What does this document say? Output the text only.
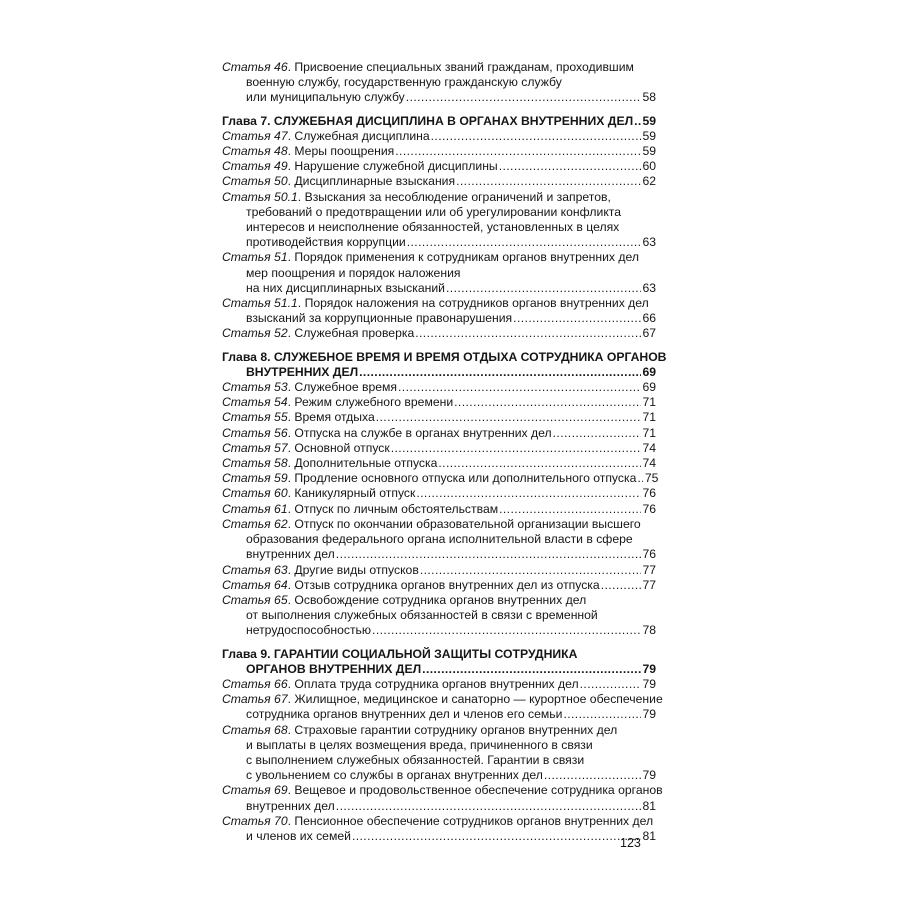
Статья 46. Присвоение специальных званий гражданам, проходившим
военную службу, государственную гражданскую службу
или муниципальную службу .....	58
Глава 7. СЛУЖЕБНАЯ ДИСЦИПЛИНА В ОРГАНАХ ВНУТРЕННИХ ДЕЛ ..... 59
Статья 47. Служебная дисциплина .....	59
Статья 48. Меры поощрения .....	59
Статья 49. Нарушение служебной дисциплины .....	60
Статья 50. Дисциплинарные взыскания .....	62
Статья 50.1. Взыскания за несоблюдение ограничений и запретов,
требований о предотвращении или об урегулировании конфликта
интересов и неисполнение обязанностей, установленных в целях
противодействия коррупции .....	63
Статья 51. Порядок применения к сотрудникам органов внутренних дел
мер поощрения и порядок наложения
на них дисциплинарных взысканий .....	63
Статья 51.1. Порядок наложения на сотрудников органов внутренних дел
взысканий за коррупционные правонарушения .....	66
Статья 52. Служебная проверка .....	67
Глава 8. СЛУЖЕБНОЕ ВРЕМЯ И ВРЕМЯ ОТДЫХА СОТРУДНИКА ОРГАНОВ
ВНУТРЕННИХ ДЕЛ .....	69
Статья 53. Служебное время .....	69
Статья 54. Режим служебного времени .....	71
Статья 55. Время отдыха .....	71
Статья 56. Отпуска на службе в органах внутренних дел .....	71
Статья 57. Основной отпуск .....	74
Статья 58. Дополнительные отпуска .....	74
Статья 59. Продление основного отпуска или дополнительного отпуска ..... 75
Статья 60. Каникулярный отпуск .....	76
Статья 61. Отпуск по личным обстоятельствам .....	76
Статья 62. Отпуск по окончании образовательной организации высшего
образования федерального органа исполнительной власти в сфере
внутренних дел .....	76
Статья 63. Другие виды отпусков .....	77
Статья 64. Отзыв сотрудника органов внутренних дел из отпуска .....	77
Статья 65. Освобождение сотрудника органов внутренних дел
от выполнения служебных обязанностей в связи с временной
нетрудоспособностью .....	78
Глава 9. ГАРАНТИИ СОЦИАЛЬНОЙ ЗАЩИТЫ СОТРУДНИКА
ОРГАНОВ ВНУТРЕННИХ ДЕЛ .....	79
Статья 66. Оплата труда сотрудника органов внутренних дел .....	79
Статья 67. Жилищное, медицинское и санаторно — курортное обеспечение
сотрудника органов внутренних дел и членов его семьи .....	79
Статья 68. Страховые гарантии сотруднику органов внутренних дел
и выплаты в целях возмещения вреда, причиненного в связи
с выполнением служебных обязанностей. Гарантии в связи
с увольнением со службы в органах внутренних дел .....	79
Статья 69. Вещевое и продовольственное обеспечение сотрудника органов
внутренних дел .....	81
Статья 70. Пенсионное обеспечение сотрудников органов внутренних дел
и членов их семей .....	81
123
